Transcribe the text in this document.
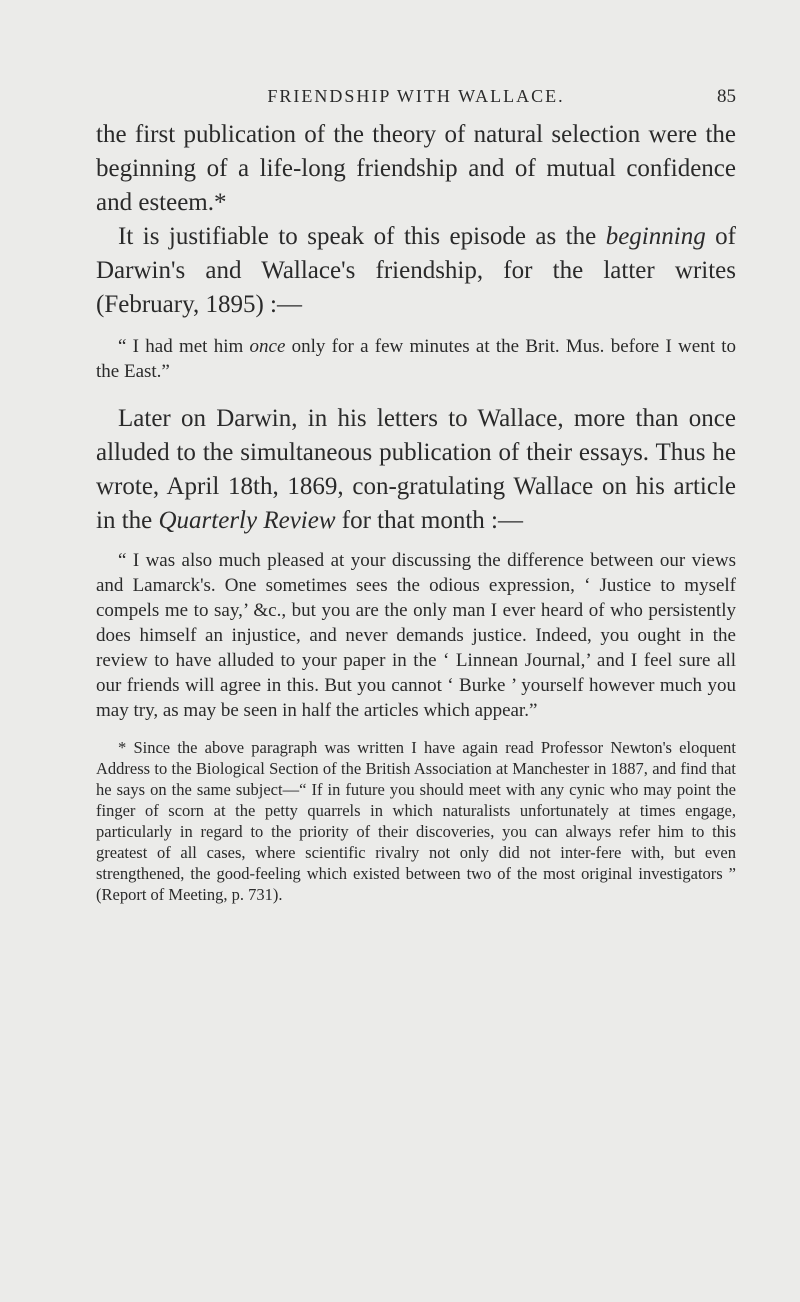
FRIENDSHIP WITH WALLACE.	85

the first publication of the theory of natural selection were the beginning of a life-long friendship and of mutual confidence and esteem.*

It is justifiable to speak of this episode as the beginning of Darwin's and Wallace's friendship, for the latter writes (February, 1895) :—

“ I had met him once only for a few minutes at the Brit. Mus. before I went to the East.”

Later on Darwin, in his letters to Wallace, more than once alluded to the simultaneous publication of their essays. Thus he wrote, April 18th, 1869, con-gratulating Wallace on his article in the Quarterly Review for that month :—

“ I was also much pleased at your discussing the difference between our views and Lamarck's. One sometimes sees the odious expression, ‘ Justice to myself compels me to say,’ &c., but you are the only man I ever heard of who persistently does himself an injustice, and never demands justice. Indeed, you ought in the review to have alluded to your paper in the ‘ Linnean Journal,’ and I feel sure all our friends will agree in this. But you cannot ‘ Burke ’ yourself however much you may try, as may be seen in half the articles which appear.”

* Since the above paragraph was written I have again read Professor Newton's eloquent Address to the Biological Section of the British Association at Manchester in 1887, and find that he says on the same subject—“ If in future you should meet with any cynic who may point the finger of scorn at the petty quarrels in which naturalists unfortunately at times engage, particularly in regard to the priority of their discoveries, you can always refer him to this greatest of all cases, where scientific rivalry not only did not inter-fere with, but even strengthened, the good-feeling which existed between two of the most original investigators ” (Report of Meeting, p. 731).
